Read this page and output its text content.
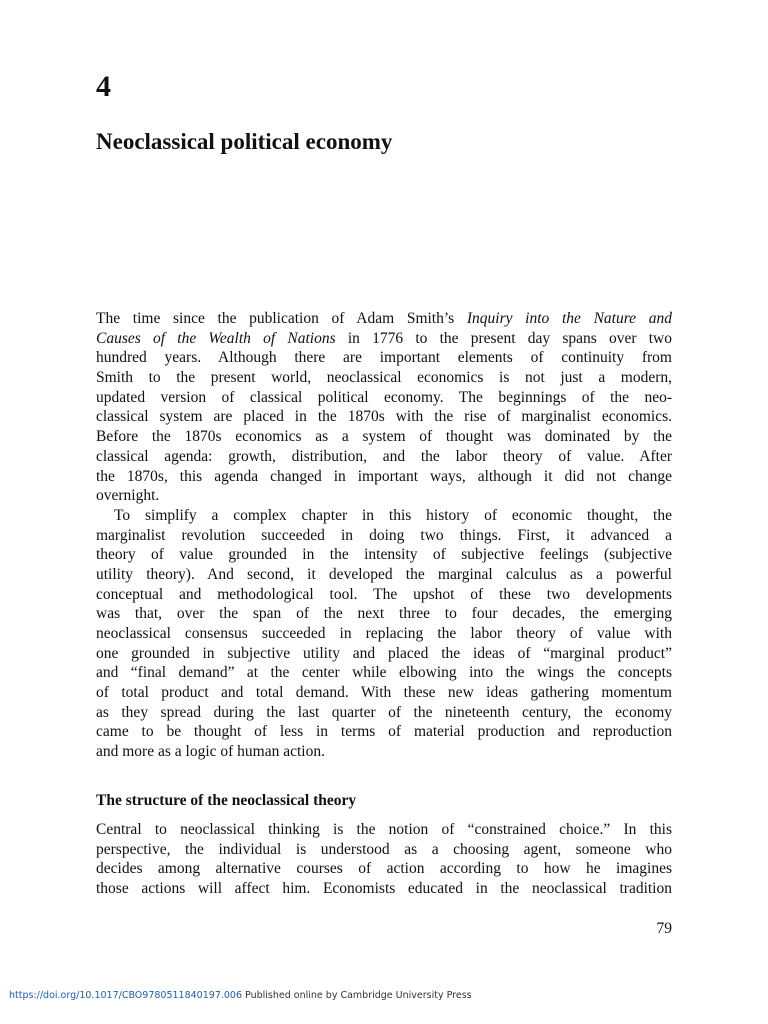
4
Neoclassical political economy
The time since the publication of Adam Smith’s Inquiry into the Nature and
Causes of the Wealth of Nations in 1776 to the present day spans over two
hundred years. Although there are important elements of continuity from
Smith to the present world, neoclassical economics is not just a modern,
updated version of classical political economy. The beginnings of the neo-
classical system are placed in the 1870s with the rise of marginalist economics.
Before the 1870s economics as a system of thought was dominated by the
classical agenda: growth, distribution, and the labor theory of value. After
the 1870s, this agenda changed in important ways, although it did not change
overnight.
To simplify a complex chapter in this history of economic thought, the
marginalist revolution succeeded in doing two things. First, it advanced a
theory of value grounded in the intensity of subjective feelings (subjective
utility theory). And second, it developed the marginal calculus as a powerful
conceptual and methodological tool. The upshot of these two developments
was that, over the span of the next three to four decades, the emerging
neoclassical consensus succeeded in replacing the labor theory of value with
one grounded in subjective utility and placed the ideas of “marginal product”
and “final demand” at the center while elbowing into the wings the concepts
of total product and total demand. With these new ideas gathering momentum
as they spread during the last quarter of the nineteenth century, the economy
came to be thought of less in terms of material production and reproduction
and more as a logic of human action.
The structure of the neoclassical theory
Central to neoclassical thinking is the notion of “constrained choice.” In this
perspective, the individual is understood as a choosing agent, someone who
decides among alternative courses of action according to how he imagines
those actions will affect him. Economists educated in the neoclassical tradition
79
https://doi.org/10.1017/CBO9780511840197.006 Published online by Cambridge University Press
